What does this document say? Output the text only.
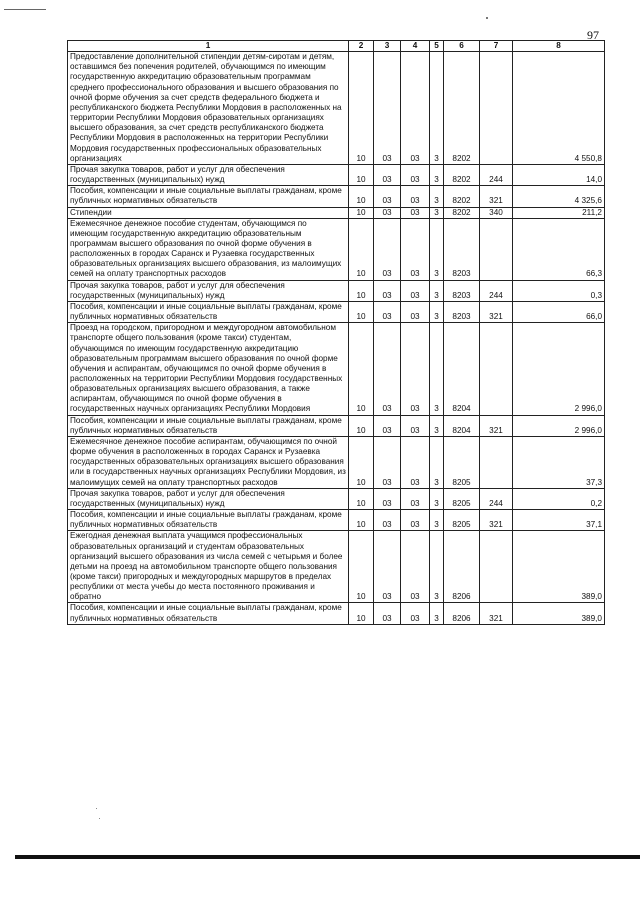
97
1	2	3	4	5	6	7	8
Предоставление дополнительной стипендии детям-сиротам и детям, оставшимся без попечения родителей, обучающимся по имеющим государственную аккредитацию образовательным программам среднего профессионального образования и высшего образования по очной форме обучения за счет средств федерального бюджета и республиканского бюджета Республики Мордовия в расположенных на территории Республики Мордовия образовательных организациях высшего образования, за счет средств республиканского бюджета Республики Мордовия в расположенных на территории Республики Мордовия государственных профессиональных образовательных организациях	10	03	03	3	8202		4 550,8
Прочая закупка товаров, работ и услуг для обеспечения государственных (муниципальных) нужд	10	03	03	3	8202	244	14,0
Пособия, компенсации и иные социальные выплаты гражданам, кроме публичных нормативных обязательств	10	03	03	3	8202	321	4 325,6
Стипендии	10	03	03	3	8202	340	211,2
Ежемесячное денежное пособие студентам, обучающимся по имеющим государственную аккредитацию образовательным программам высшего образования по очной форме обучения в расположенных в городах Саранск и Рузаевка государственных образовательных организациях высшего образования, из малоимущих семей на оплату транспортных расходов	10	03	03	3	8203		66,3
Прочая закупка товаров, работ и услуг для обеспечения государственных (муниципальных) нужд	10	03	03	3	8203	244	0,3
Пособия, компенсации и иные социальные выплаты гражданам, кроме публичных нормативных обязательств	10	03	03	3	8203	321	66,0
Проезд на городском, пригородном и междугородном автомобильном транспорте общего пользования (кроме такси) студентам, обучающимся по имеющим государственную аккредитацию образовательным программам высшего образования по очной форме обучения и аспирантам, обучающимся по очной форме обучения в расположенных на территории Республики Мордовия государственных образовательных организациях высшего образования, а также аспирантам, обучающимся по очной форме обучения в государственных научных организациях Республики Мордовия	10	03	03	3	8204		2 996,0
Пособия, компенсации и иные социальные выплаты гражданам, кроме публичных нормативных обязательств	10	03	03	3	8204	321	2 996,0
Ежемесячное денежное пособие аспирантам, обучающимся по очной форме обучения в расположенных в городах Саранск и Рузаевка государственных образовательных организациях высшего образования или в государственных научных организациях Республики Мордовия, из малоимущих семей на оплату транспортных расходов	10	03	03	3	8205		37,3
Прочая закупка товаров, работ и услуг для обеспечения государственных (муниципальных) нужд	10	03	03	3	8205	244	0,2
Пособия, компенсации и иные социальные выплаты гражданам, кроме публичных нормативных обязательств	10	03	03	3	8205	321	37,1
Ежегодная денежная выплата учащимся профессиональных образовательных организаций и студентам образовательных организаций высшего образования из числа семей с четырьмя и более детьми на проезд на автомобильном транспорте общего пользования (кроме такси) пригородных и междугородных маршрутов в пределах республики от места учебы до места постоянного проживания и обратно	10	03	03	3	8206		389,0
Пособия, компенсации и иные социальные выплаты гражданам, кроме публичных нормативных обязательств	10	03	03	3	8206	321	389,0
